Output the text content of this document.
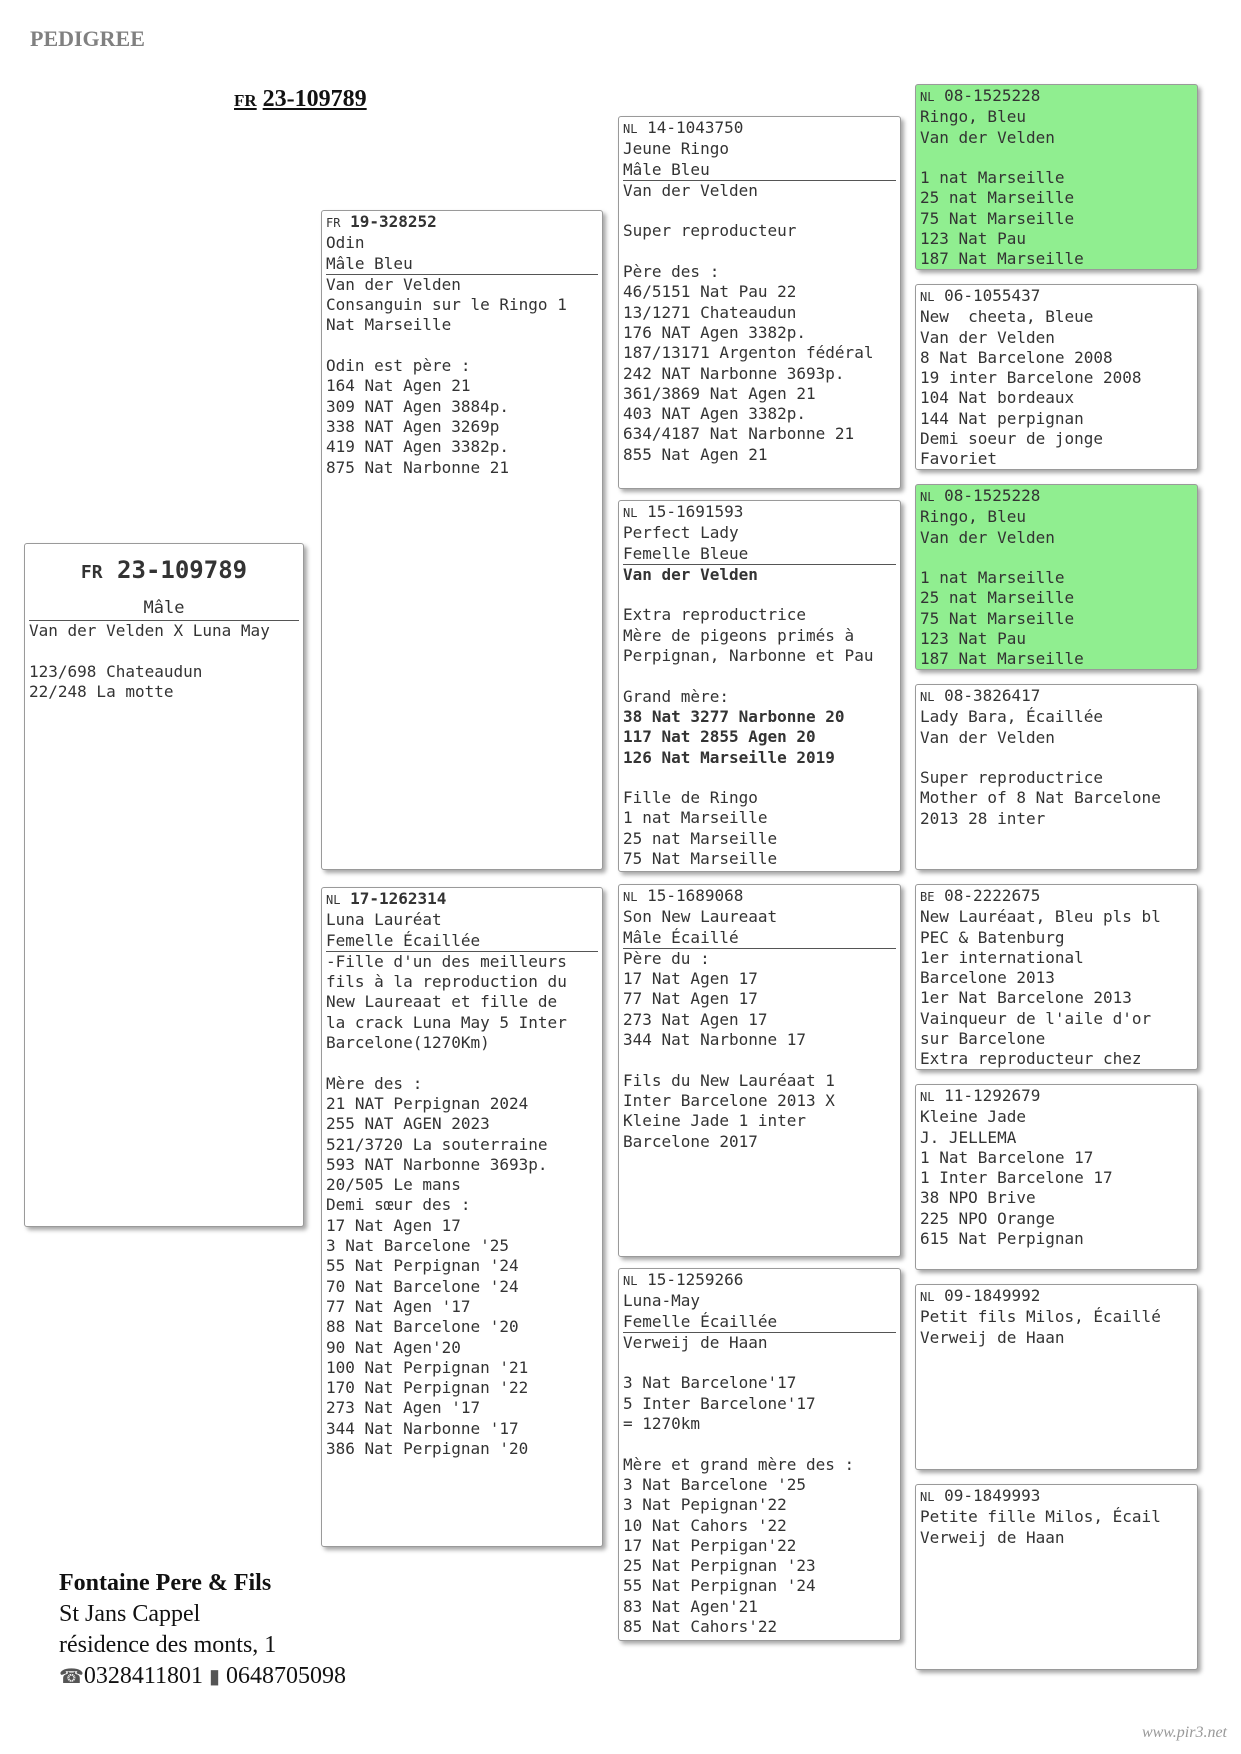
PEDIGREE
FR 23-109789
FR 23-109789
Mâle
Van der Velden X Luna May
123/698 Chateaudun
22/248 La motte
FR 19-328252
Odin
Mâle Bleu
Van der Velden
Consanguin sur le Ringo 1
Nat Marseille
Odin est père :
164 Nat Agen 21
309 NAT Agen 3884p.
338 NAT Agen 3269p
419 NAT Agen 3382p.
875 Nat Narbonne 21
NL 17-1262314
Luna Lauréat
Femelle Écaillée
-Fille d'un des meilleurs
fils à la reproduction du
New Laureaat et fille de
la crack Luna May 5 Inter
Barcelone(1270Km)
Mère des :
21 NAT Perpignan 2024
255 NAT AGEN 2023
521/3720 La souterraine
593 NAT Narbonne 3693p.
20/505 Le mans
Demi sœur des :
17 Nat Agen 17
3 Nat Barcelone '25
55 Nat Perpignan '24
70 Nat Barcelone '24
77 Nat Agen '17
88 Nat Barcelone '20
90 Nat Agen'20
100 Nat Perpignan '21
170 Nat Perpignan '22
273 Nat Agen '17
344 Nat Narbonne '17
386 Nat Perpignan '20
NL 14-1043750
Jeune Ringo
Mâle Bleu
Van der Velden
Super reproducteur
Père des :
46/5151 Nat Pau 22
13/1271 Chateaudun
176 NAT Agen 3382p.
187/13171 Argenton fédéral
242 NAT Narbonne 3693p.
361/3869 Nat Agen 21
403 NAT Agen 3382p.
634/4187 Nat Narbonne 21
855 Nat Agen 21
NL 15-1691593
Perfect Lady
Femelle Bleue
Van der Velden
Extra reproductrice
Mère de pigeons primés à
Perpignan, Narbonne et Pau
Grand mère:
38 Nat 3277 Narbonne 20
117 Nat 2855 Agen 20
126 Nat Marseille 2019
Fille de Ringo
1 nat Marseille
25 nat Marseille
75 Nat Marseille
NL 15-1689068
Son New Laureaat
Mâle Écaillé
Père du :
17 Nat Agen 17
77 Nat Agen 17
273 Nat Agen 17
344 Nat Narbonne 17
Fils du New Lauréaat 1
Inter Barcelone 2013 X
Kleine Jade 1 inter
Barcelone 2017
NL 15-1259266
Luna-May
Femelle Écaillée
Verweij de Haan
3 Nat Barcelone'17
5 Inter Barcelone'17
= 1270km
Mère et grand mère des :
3 Nat Barcelone '25
3 Nat Pepignan'22
10 Nat Cahors '22
17 Nat Perpigan'22
25 Nat Perpignan '23
55 Nat Perpignan '24
83 Nat Agen'21
85 Nat Cahors'22
NL 08-1525228
Ringo, Bleu
Van der Velden
1 nat Marseille
25 nat Marseille
75 Nat Marseille
123 Nat Pau
187 Nat Marseille
NL 06-1055437
New  cheeta, Bleue
Van der Velden
8 Nat Barcelone 2008
19 inter Barcelone 2008
104 Nat bordeaux
144 Nat perpignan
Demi soeur de jonge
Favoriet
NL 08-1525228
Ringo, Bleu
Van der Velden
1 nat Marseille
25 nat Marseille
75 Nat Marseille
123 Nat Pau
187 Nat Marseille
NL 08-3826417
Lady Bara, Écaillée
Van der Velden
Super reproductrice
Mother of 8 Nat Barcelone
2013 28 inter
BE 08-2222675
New Lauréaat, Bleu pls bl
PEC & Batenburg
1er international
Barcelone 2013
1er Nat Barcelone 2013
Vainqueur de l'aile d'or
sur Barcelone
Extra reproducteur chez
NL 11-1292679
Kleine Jade
J. JELLEMA
1 Nat Barcelone 17
1 Inter Barcelone 17
38 NPO Brive
225 NPO Orange
615 Nat Perpignan
NL 09-1849992
Petit fils Milos, Écaillé
Verweij de Haan
NL 09-1849993
Petite fille Milos, Écail
Verweij de Haan
Fontaine Pere & Fils
St Jans Cappel
résidence des monts, 1
☎0328411801 ▮ 0648705098
www.pir3.net
